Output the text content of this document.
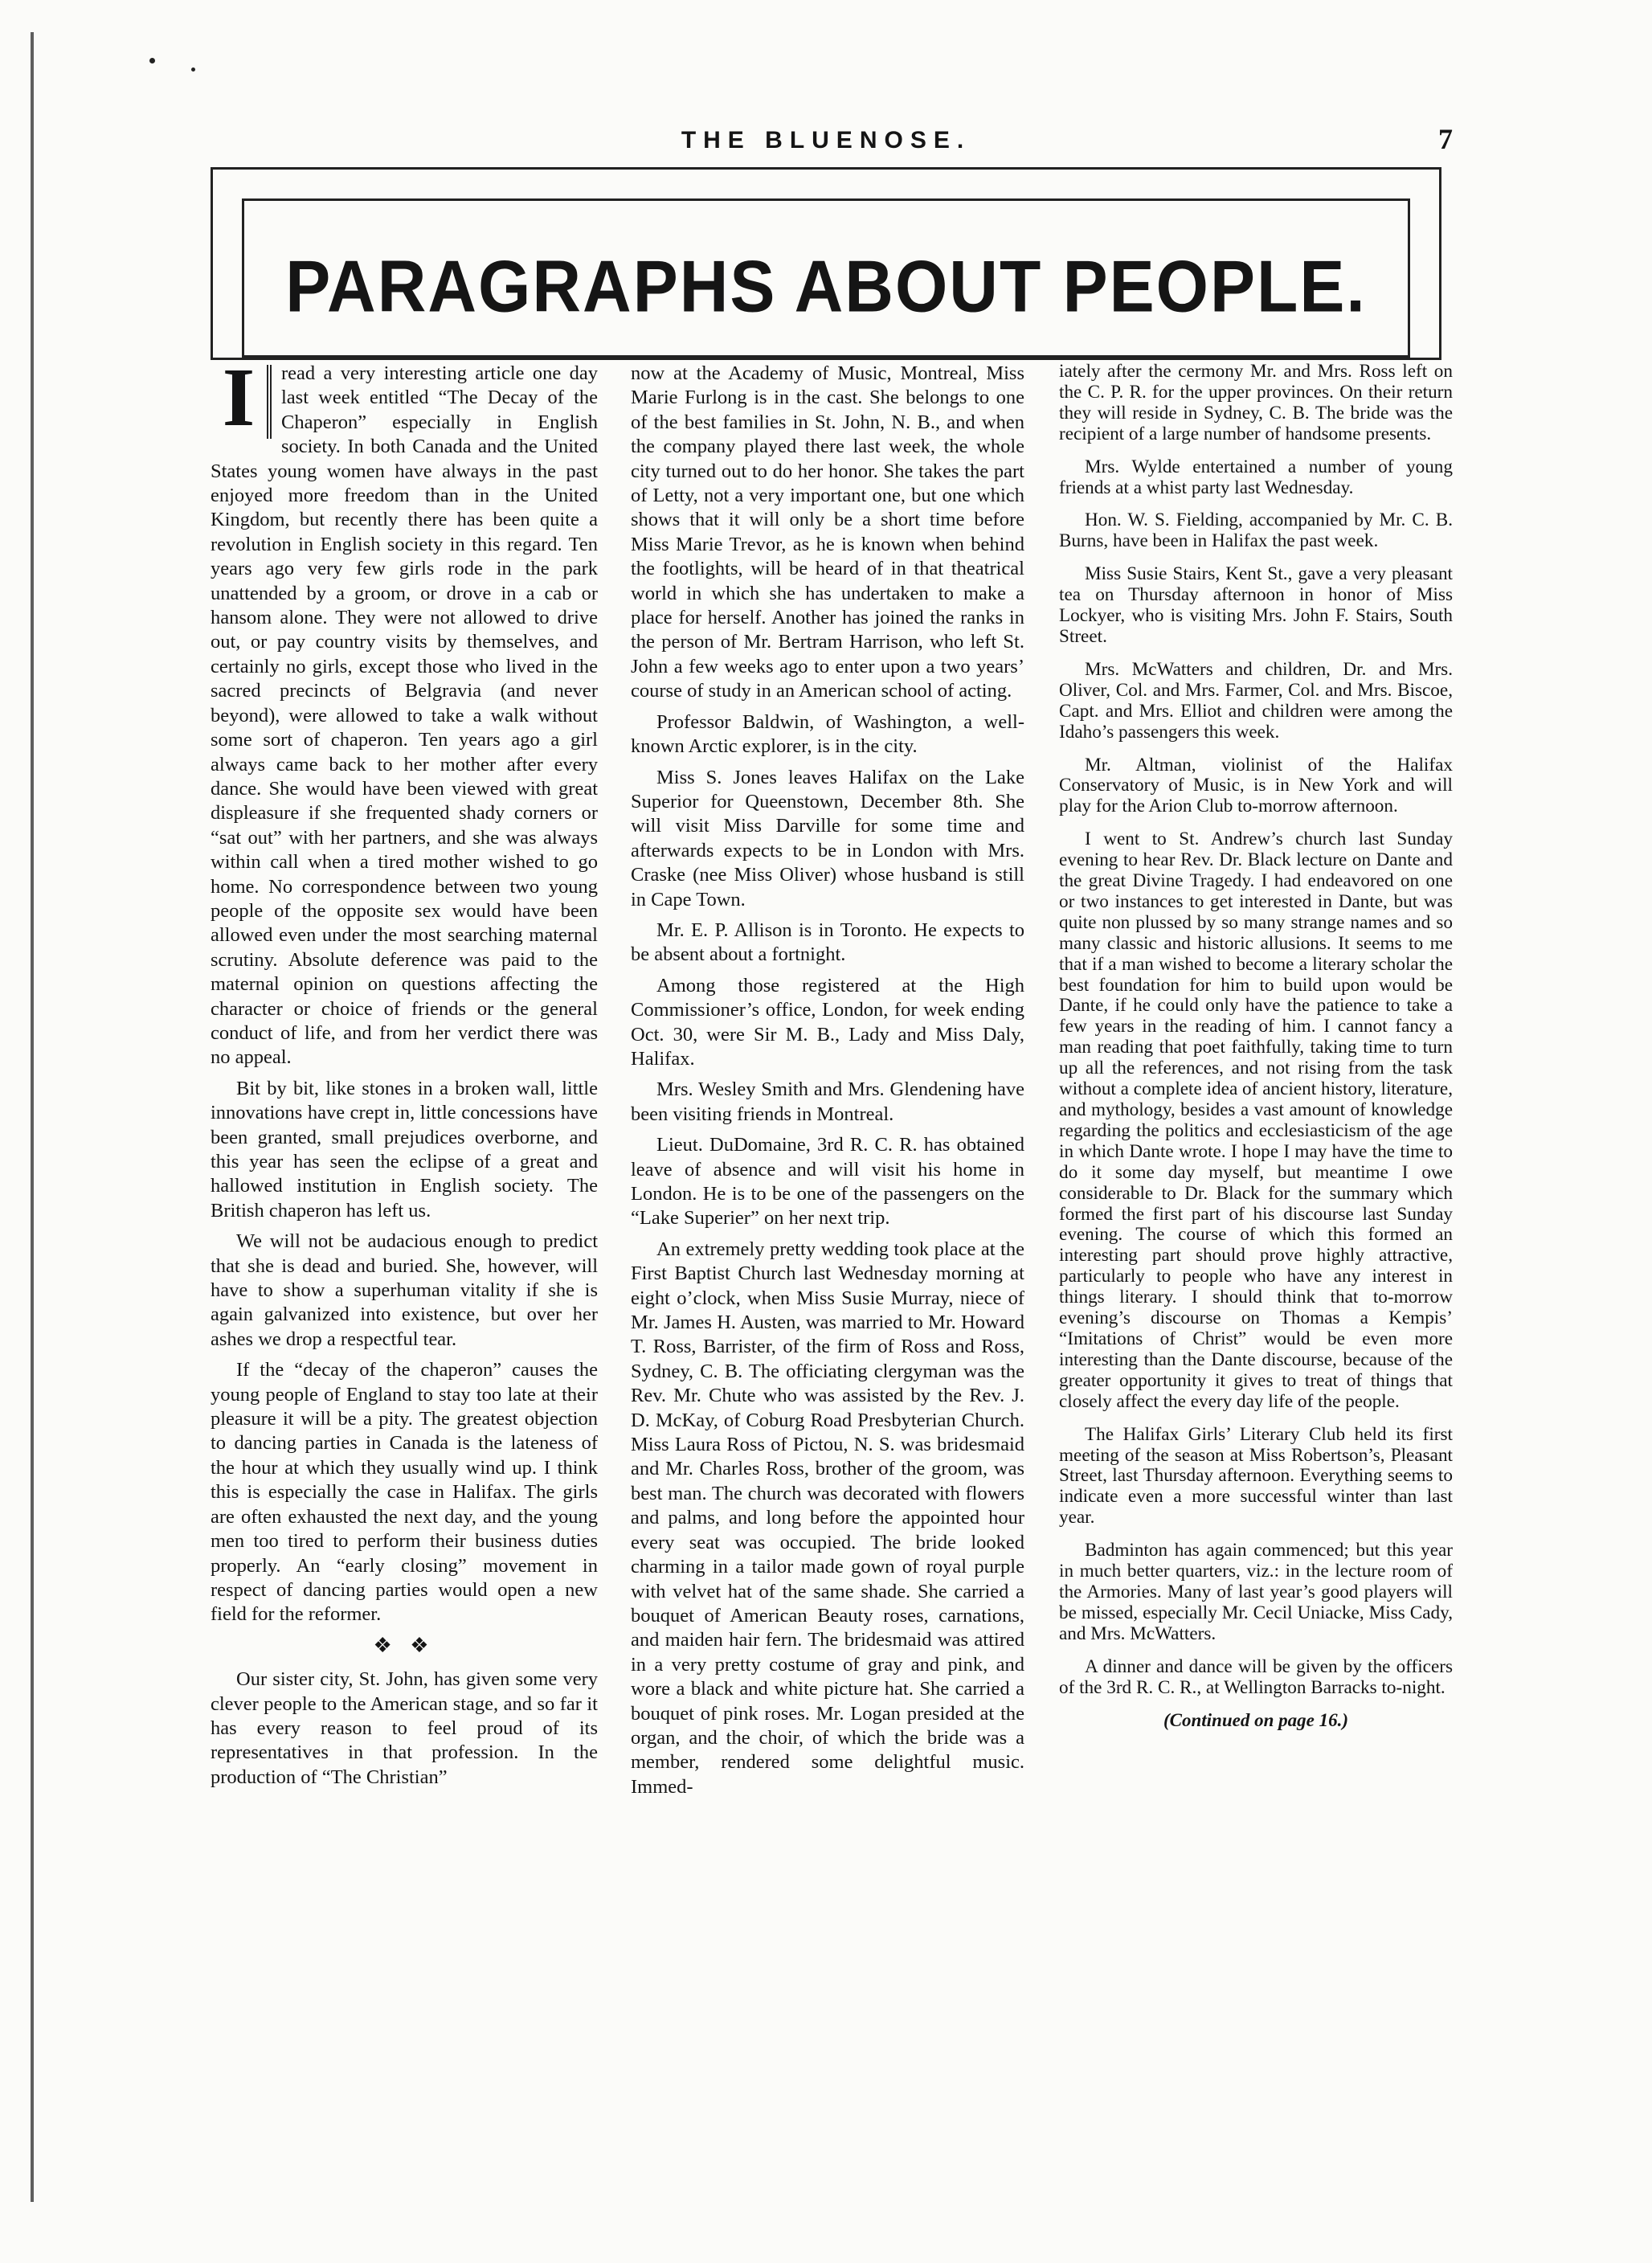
THE BLUENOSE.	7
PARAGRAPHS ABOUT PEOPLE.

I	read a very interesting article one day last week entitled “The Decay of the Chaperon” especially in English society. In both Canada and the United States young women have always in the past enjoyed more freedom than in the United Kingdom, but recently there has been quite a revolution in English society in this regard. Ten years ago very few girls rode in the park unattended by a groom, or drove in a cab or hansom alone. They were not allowed to drive out, or pay country visits by themselves, and certainly no girls, except those who lived in the sacred precincts of Belgravia (and never beyond), were allowed to take a walk without some sort of chaperon. Ten years ago a girl always came back to her mother after every dance. She would have been viewed with great displeasure if she frequented shady corners or “sat out” with her partners, and she was always within call when a tired mother wished to go home. No correspondence between two young people of the opposite sex would have been allowed even under the most searching maternal scrutiny. Absolute deference was paid to the maternal opinion on questions affecting the character or choice of friends or the general conduct of life, and from her verdict there was no appeal.

Bit by bit, like stones in a broken wall, little innovations have crept in, little concessions have been granted, small prejudices overborne, and this year has seen the eclipse of a great and hallowed institution in English society. The British chaperon has left us.

We will not be audacious enough to predict that she is dead and buried. She, however, will have to show a superhuman vitality if she is again galvanized into existence, but over her ashes we drop a respectful tear.

If the “decay of the chaperon” causes the young people of England to stay too late at their pleasure it will be a pity. The greatest objection to dancing parties in Canada is the lateness of the hour at which they usually wind up. I think this is especially the case in Halifax. The girls are often exhausted the next day, and the young men too tired to perform their business duties properly. An “early closing” movement in respect of dancing parties would open a new field for the reformer.

❖ ❖

Our sister city, St. John, has given some very clever people to the American stage, and so far it has every reason to feel proud of its representatives in that profession. In the production of “The Christian”

now at the Academy of Music, Montreal, Miss Marie Furlong is in the cast. She belongs to one of the best families in St. John, N. B., and when the company played there last week, the whole city turned out to do her honor. She takes the part of Letty, not a very important one, but one which shows that it will only be a short time before Miss Marie Trevor, as he is known when behind the footlights, will be heard of in that theatrical world in which she has undertaken to make a place for herself. Another has joined the ranks in the person of Mr. Bertram Harrison, who left St. John a few weeks ago to enter upon a two years’ course of study in an American school of acting.

Professor Baldwin, of Washington, a well-known Arctic explorer, is in the city.

Miss S. Jones leaves Halifax on the Lake Superior for Queenstown, December 8th. She will visit Miss Darville for some time and afterwards expects to be in London with Mrs. Craske (nee Miss Oliver) whose husband is still in Cape Town.

Mr. E. P. Allison is in Toronto. He expects to be absent about a fortnight.

Among those registered at the High Commissioner’s office, London, for week ending Oct. 30, were Sir M. B., Lady and Miss Daly, Halifax.

Mrs. Wesley Smith and Mrs. Glendening have been visiting friends in Montreal.

Lieut. DuDomaine, 3rd R. C. R. has obtained leave of absence and will visit his home in London. He is to be one of the passengers on the “Lake Superier” on her next trip.

An extremely pretty wedding took place at the First Baptist Church last Wednesday morning at eight o’clock, when Miss Susie Murray, niece of Mr. James H. Austen, was married to Mr. Howard T. Ross, Barrister, of the firm of Ross and Ross, Sydney, C. B. The officiating clergyman was the Rev. Mr. Chute who was assisted by the Rev. J. D. McKay, of Coburg Road Presbyterian Church. Miss Laura Ross of Pictou, N. S. was bridesmaid and Mr. Charles Ross, brother of the groom, was best man. The church was decorated with flowers and palms, and long before the appointed hour every seat was occupied. The bride looked charming in a tailor made gown of royal purple with velvet hat of the same shade. She carried a bouquet of American Beauty roses, carnations, and maiden hair fern. The bridesmaid was attired in a very pretty costume of gray and pink, and wore a black and white picture hat. She carried a bouquet of pink roses. Mr. Logan presided at the organ, and the choir, of which the bride was a member, rendered some delightful music. Immed-

iately after the cermony Mr. and Mrs. Ross left on the C. P. R. for the upper provinces. On their return they will reside in Sydney, C. B. The bride was the recipient of a large number of handsome presents.

Mrs. Wylde entertained a number of young friends at a whist party last Wednesday.

Hon. W. S. Fielding, accompanied by Mr. C. B. Burns, have been in Halifax the past week.

Miss Susie Stairs, Kent St., gave a very pleasant tea on Thursday afternoon in honor of Miss Lockyer, who is visiting Mrs. John F. Stairs, South Street.

Mrs. McWatters and children, Dr. and Mrs. Oliver, Col. and Mrs. Farmer, Col. and Mrs. Biscoe, Capt. and Mrs. Elliot and children were among the Idaho’s passengers this week.

Mr. Altman, violinist of the Halifax Conservatory of Music, is in New York and will play for the Arion Club to-morrow afternoon.

I went to St. Andrew’s church last Sunday evening to hear Rev. Dr. Black lecture on Dante and the great Divine Tragedy. I had endeavored on one or two instances to get interested in Dante, but was quite non plussed by so many strange names and so many classic and historic allusions. It seems to me that if a man wished to become a literary scholar the best foundation for him to build upon would be Dante, if he could only have the patience to take a few years in the reading of him. I cannot fancy a man reading that poet faithfully, taking time to turn up all the references, and not rising from the task without a complete idea of ancient history, literature, and mythology, besides a vast amount of knowledge regarding the politics and ecclesiasticism of the age in which Dante wrote. I hope I may have the time to do it some day myself, but meantime I owe considerable to Dr. Black for the summary which formed the first part of his discourse last Sunday evening. The course of which this formed an interesting part should prove highly attractive, particularly to people who have any interest in things literary. I should think that to-morrow evening’s discourse on Thomas a Kempis’ “Imitations of Christ” would be even more interesting than the Dante discourse, because of the greater opportunity it gives to treat of things that closely affect the every day life of the people.

The Halifax Girls’ Literary Club held its first meeting of the season at Miss Robertson’s, Pleasant Street, last Thursday afternoon. Everything seems to indicate even a more successful winter than last year.

Badminton has again commenced; but this year in much better quarters, viz.: in the lecture room of the Armories. Many of last year’s good players will be missed, especially Mr. Cecil Uniacke, Miss Cady, and Mrs. McWatters.

A dinner and dance will be given by the officers of the 3rd R. C. R., at Wellington Barracks to-night.

(Continued on page 16.)
